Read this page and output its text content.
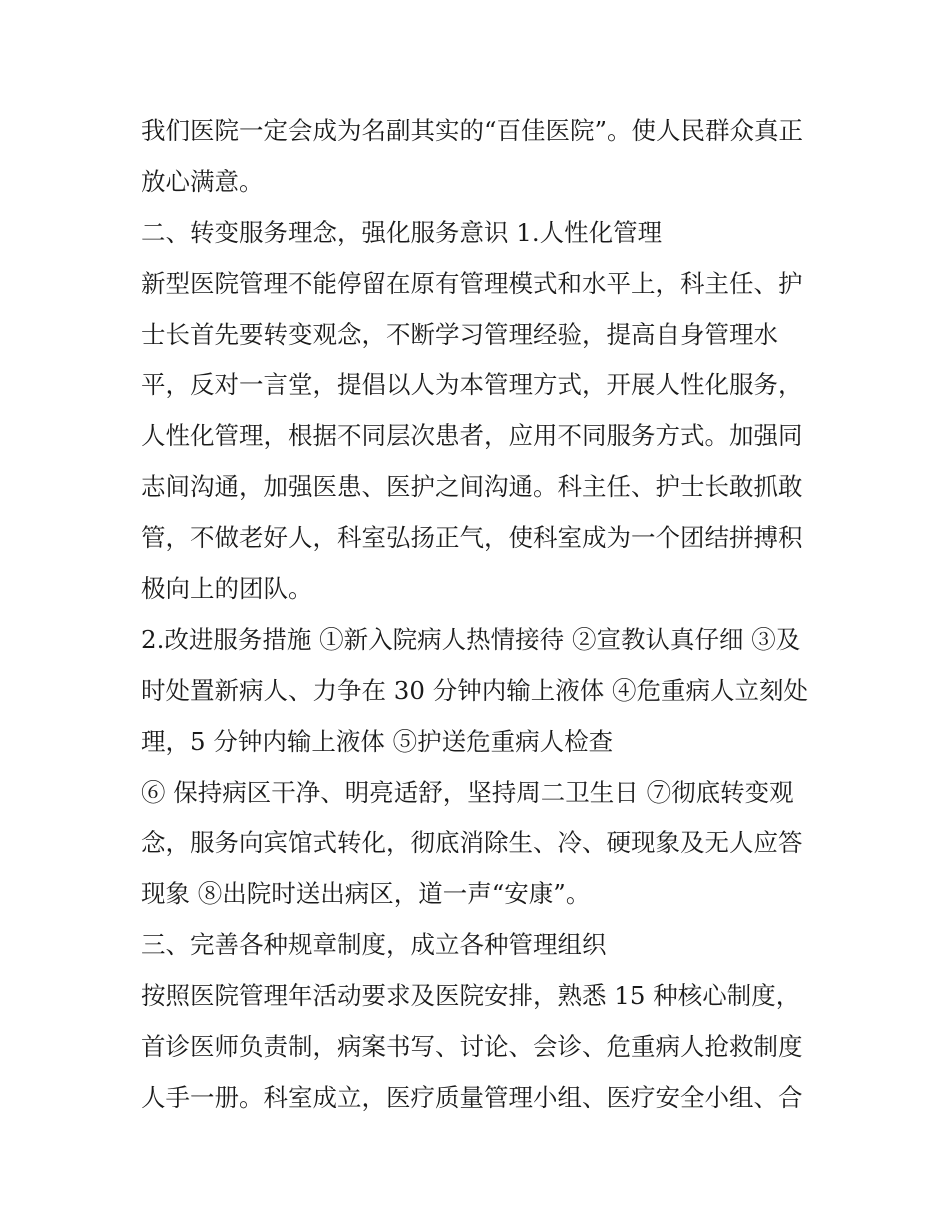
我们医院一定会成为名副其实的“百佳医院”。使人民群众真正
放心满意。
二、转变服务理念，强化服务意识 1.人性化管理
新型医院管理不能停留在原有管理模式和水平上，科主任、护
士长首先要转变观念，不断学习管理经验，提高自身管理水
平，反对一言堂，提倡以人为本管理方式，开展人性化服务，
人性化管理，根据不同层次患者，应用不同服务方式。加强同
志间沟通，加强医患、医护之间沟通。科主任、护士长敢抓敢
管，不做老好人，科室弘扬正气，使科室成为一个团结拼搏积
极向上的团队。
2.改进服务措施 ①新入院病人热情接待 ②宣教认真仔细 ③及
时处置新病人、力争在 30 分钟内输上液体 ④危重病人立刻处
理，5 分钟内输上液体 ⑤护送危重病人检查
⑥ 保持病区干净、明亮适舒，坚持周二卫生日 ⑦彻底转变观
念，服务向宾馆式转化，彻底消除生、冷、硬现象及无人应答
现象 ⑧出院时送出病区，道一声“安康”。
三、完善各种规章制度，成立各种管理组织
按照医院管理年活动要求及医院安排，熟悉 15 种核心制度，
首诊医师负责制，病案书写、讨论、会诊、危重病人抢救制度
人手一册。科室成立，医疗质量管理小组、医疗安全小组、合
